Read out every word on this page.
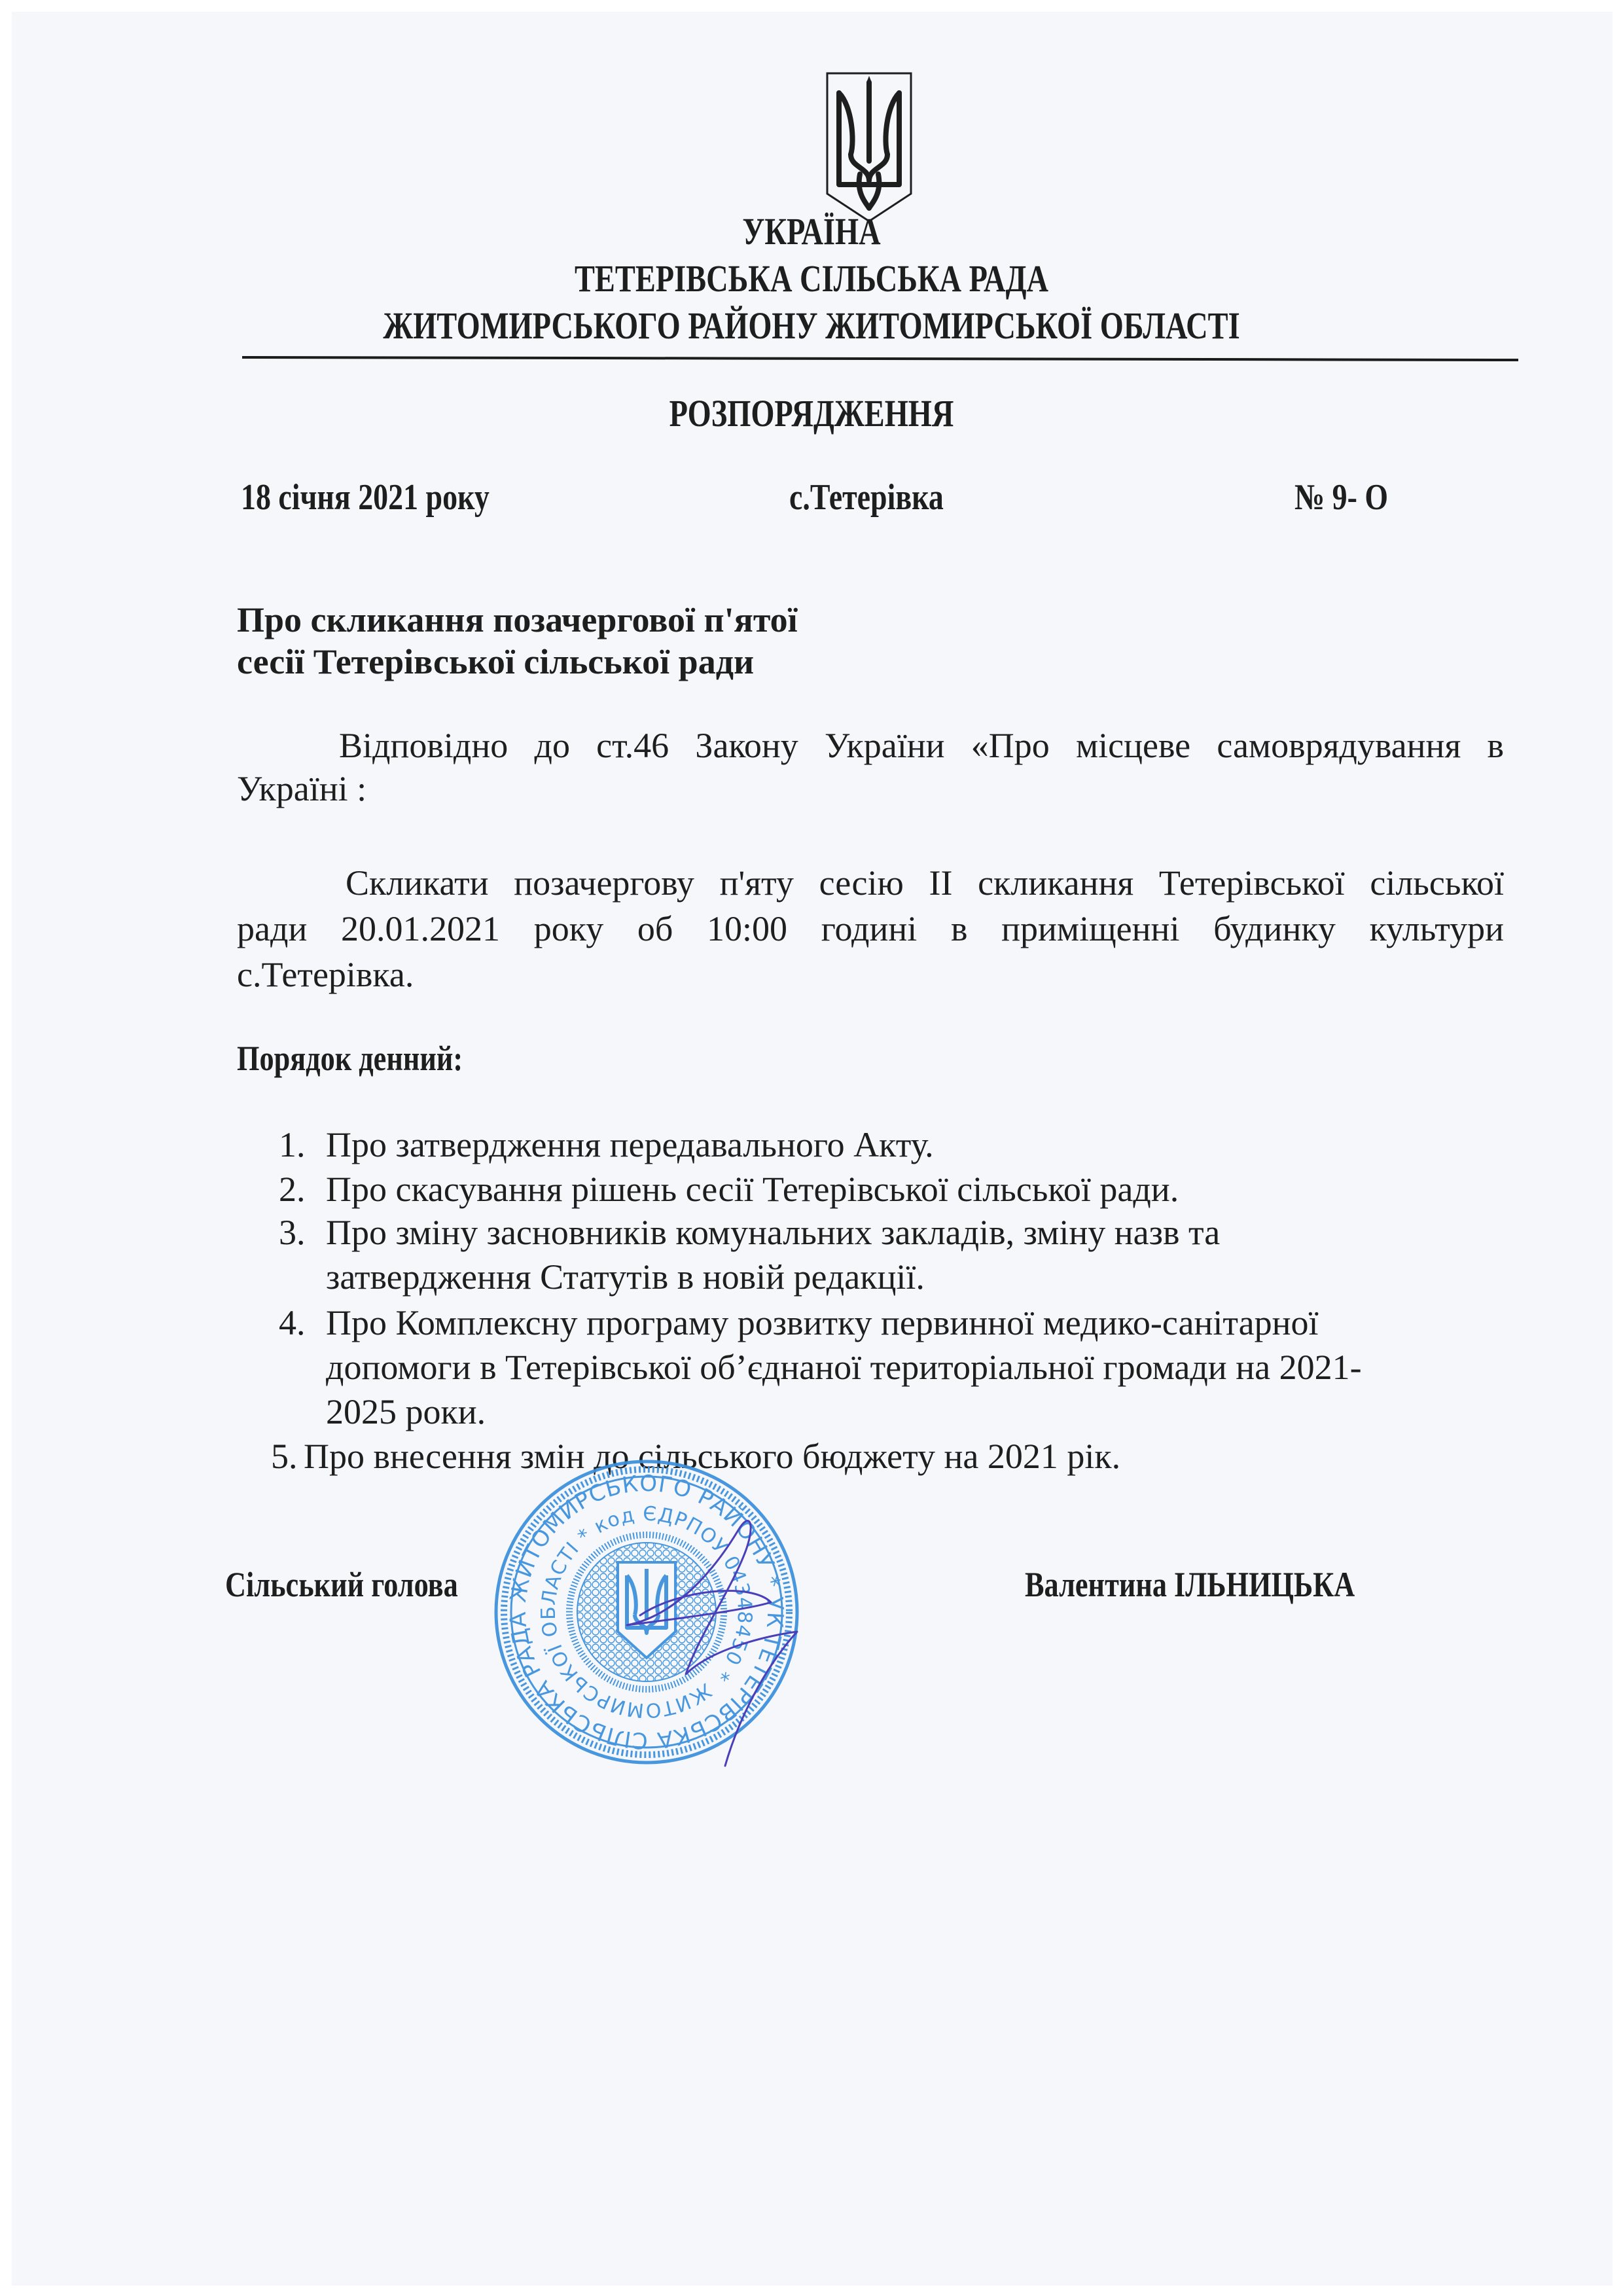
УКРАЇНА
ТЕТЕРІВСЬКА СІЛЬСЬКА РАДА
ЖИТОМИРСЬКОГО РАЙОНУ ЖИТОМИРСЬКОЇ ОБЛАСТІ
РОЗПОРЯДЖЕННЯ
18 січня 2021 року	с.Тетерівка	№ 9- О
Про скликання позачергової п'ятої
сесії Тетерівської сільської ради
Відповідно до ст.46 Закону України «Про місцеве самоврядування в
Україні :
Скликати позачергову п'яту сесію ІІ скликання Тетерівської сільської
ради 20.01.2021 року об 10:00 годині в приміщенні будинку культури
с.Тетерівка.
Порядок денний:
1. Про затвердження передавального Акту.
2. Про скасування рішень сесії Тетерівської сільської ради.
3. Про зміну засновників комунальних закладів, зміну назв та
затвердження Статутів в новій редакції.
4. Про Комплексну програму розвитку первинної медико-санітарної
допомоги в Тетерівської об’єднаної територіальної громади на 2021-
2025 роки.
5. Про внесення змін до сільського бюджету на 2021 рік.
Сільський голова	Валентина ІЛЬНИЦЬКА
ТЕТЕРІВСЬКА СІЛЬСЬКА РАДА ЖИТОМИРСЬКОГО РАЙОНУ * УКРАЇНА
ЖИТОМИРСЬКОЇ ОБЛАСТІ * код ЄДРПОУ 04348450 *
